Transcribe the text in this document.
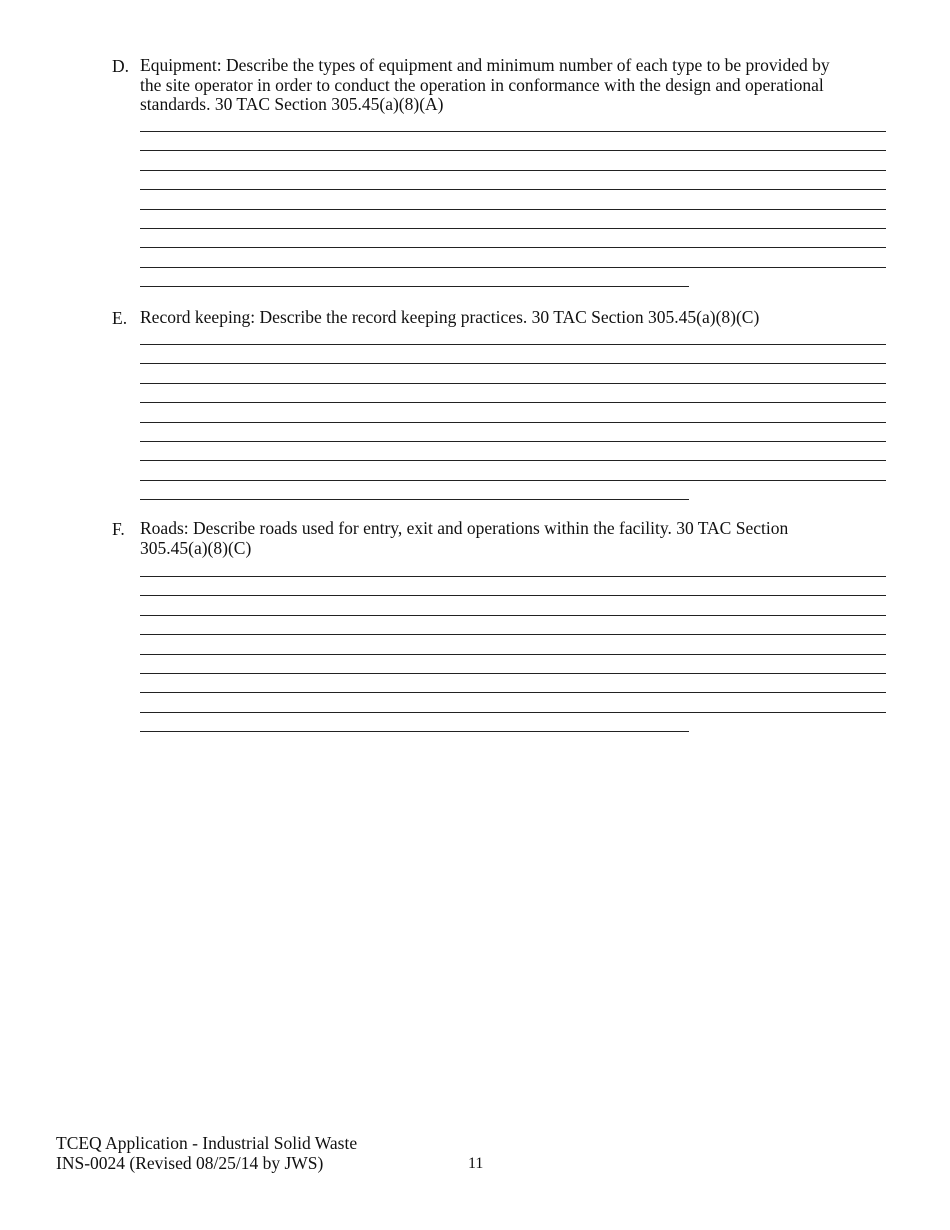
D. Equipment: Describe the types of equipment and minimum number of each type to be provided by
the site operator in order to conduct the operation in conformance with the design and operational
standards. 30 TAC Section 305.45(a)(8)(A)
E. Record keeping: Describe the record keeping practices. 30 TAC Section 305.45(a)(8)(C)
F. Roads: Describe roads used for entry, exit and operations within the facility. 30 TAC Section
305.45(a)(8)(C)
TCEQ Application - Industrial Solid Waste
INS-0024 (Revised 08/25/14 by JWS)	11
